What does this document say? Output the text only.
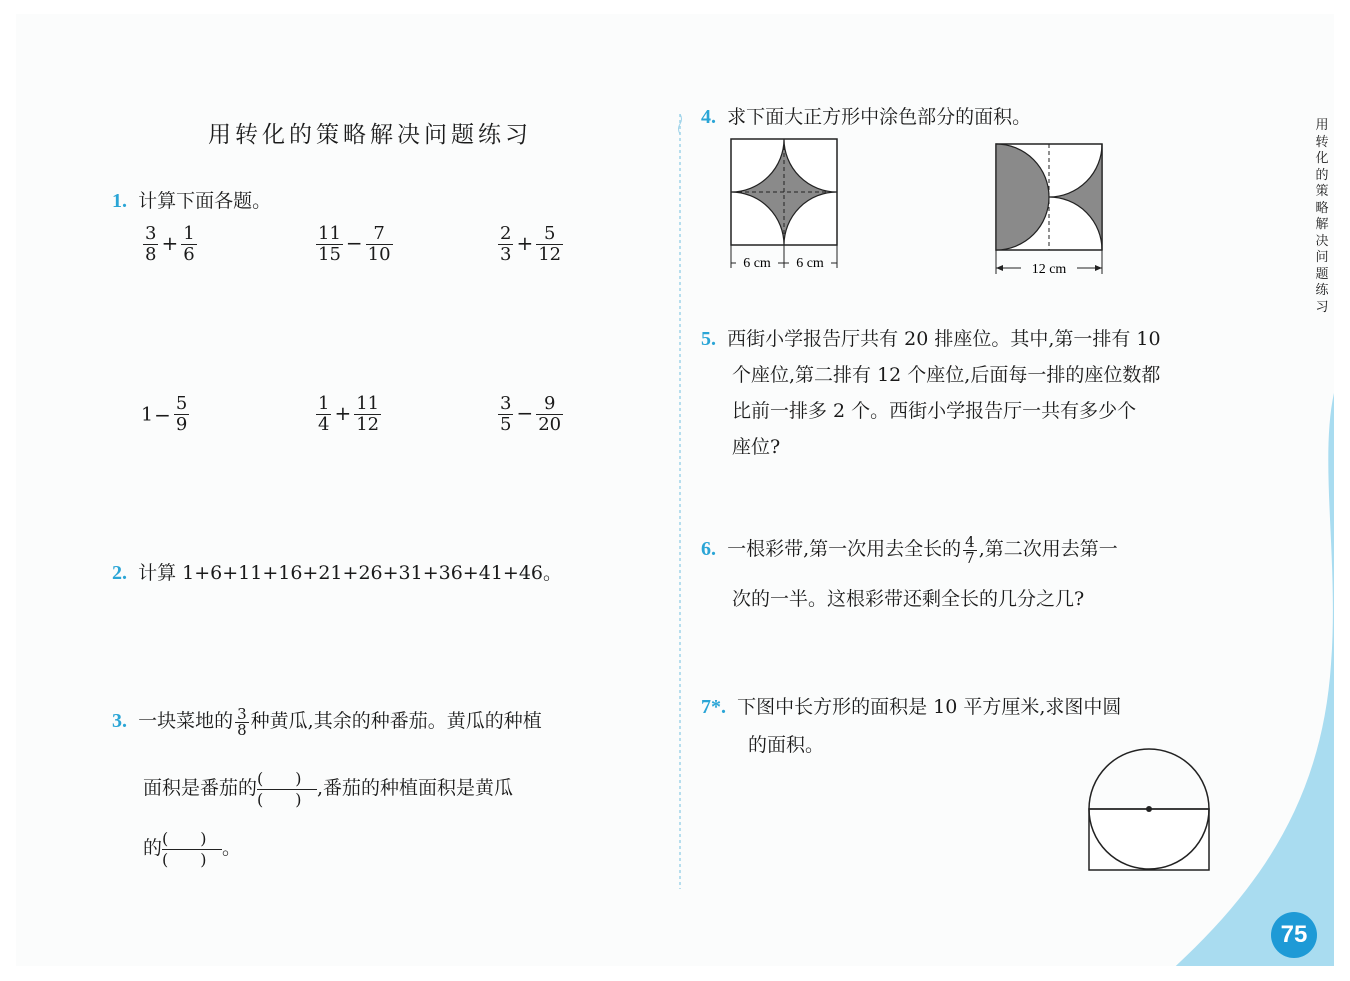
用
转
化
的
策
略
解
决
问
题
练
习
用转化的策略解决问题练习
1. 计算下面各题。
$\frac{3}{8} + \frac{1}{6}$	$\frac{11}{15} - \frac{7}{10}$	$\frac{2}{3} + \frac{5}{12}$
$1- \frac{5}{9}$	$\frac{1}{4} + \frac{11}{12}$	$\frac{3}{5} - \frac{9}{20}$
2. 计算 1+6+11+16+21+26+31+36+41+46。
3. 一块菜地的 $\frac{3}{8}$ 种黄瓜,其余的种番茄。黄瓜的种植
面积是番茄的 (　　)
(　　)
,番茄的种植面积是黄瓜
的 (　　)
(　　)
。
4. 求下面大正方形中涂色部分的面积。
6 cm 6 cm	12 cm
5. 西街小学报告厅共有 20 排座位。其中,第一排有 10
个座位,第二排有 12 个座位,后面每一排的座位数都
比前一排多 2 个。西街小学报告厅一共有多少个
座位?
6. 一根彩带,第一次用去全长的 $\frac{4}{7}$ ,第二次用去第一
次的一半。这根彩带还剩全长的几分之几?
7*. 下图中长方形的面积是 10 平方厘米,求图中圆
的面积。
75
